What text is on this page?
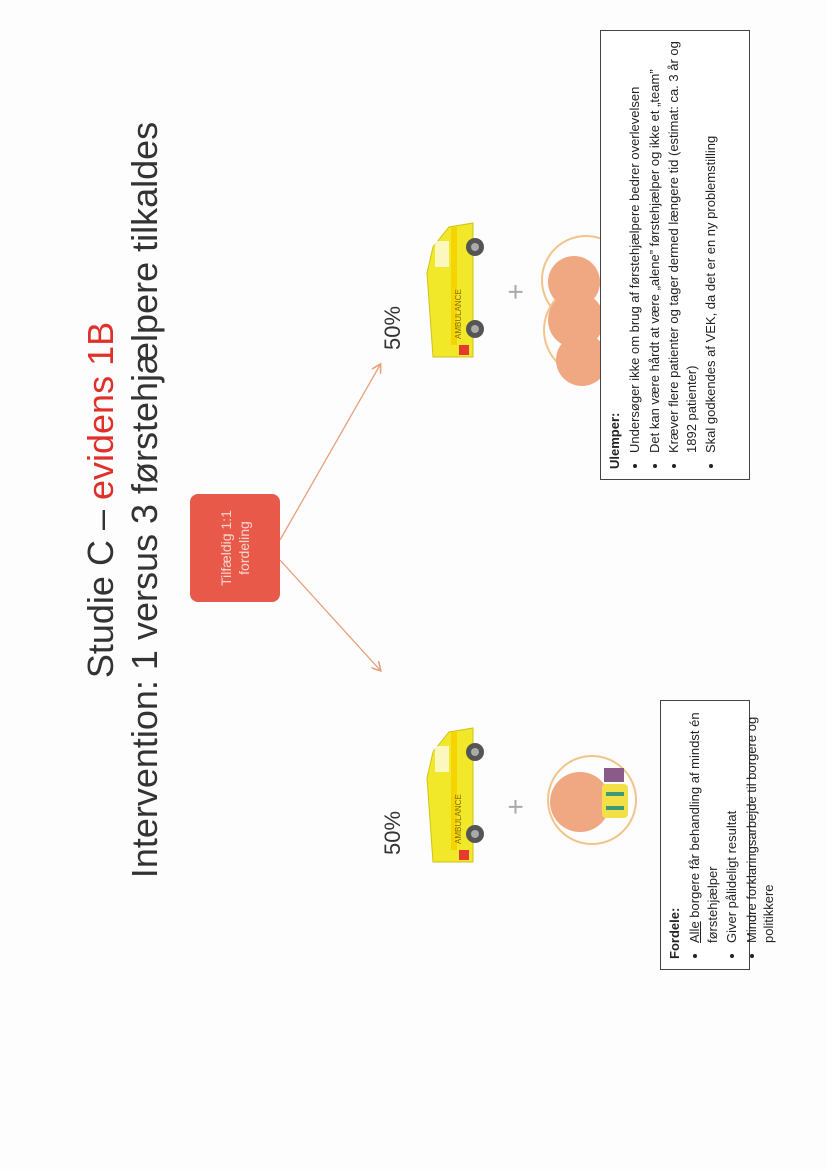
Studie C – evidens 1B Intervention: 1 versus 3 førstehjælpere tilkaldes	Tilfældig 1:1 fordeling
50%	AMBULANCE +
50%	AMBULANCE +
Fordele: • Alle borgere får behandling af mindst én førstehjælper • Giver pålideligt resultat • Mindre forklaringsarbejde til borgere og politikkere
Ulemper: • Undersøger ikke om brug af førstehjælpere bedrer overlevelsen • Det kan være hårdt at være „alene” førstehjælper og ikke et „team” • Kræver flere patienter og tager dermed længere tid (estimat: ca. 3 år og 1892 patienter) • Skal godkendes af VEK, da det er en ny problemstilling
